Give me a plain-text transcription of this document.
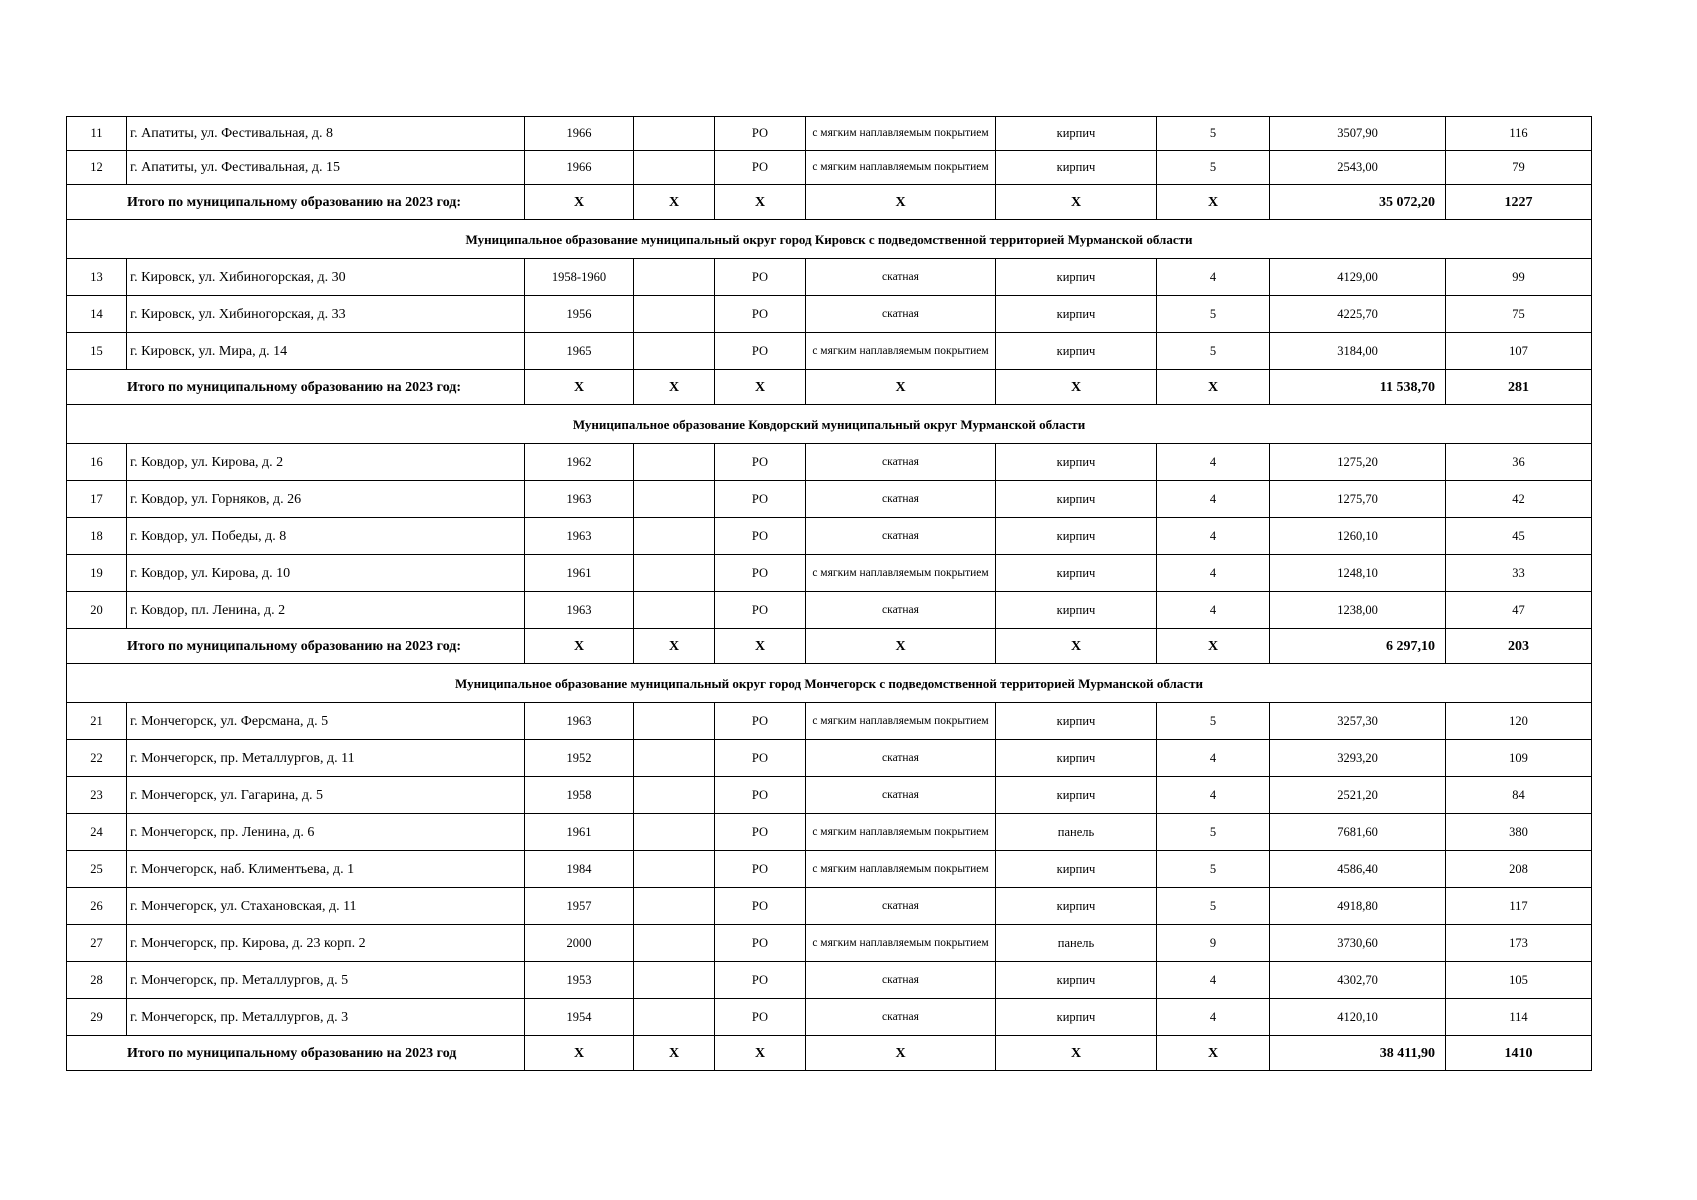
11	г. Апатиты, ул. Фестивальная, д. 8	1966		РО	с мягким наплавляемым покрытием	кирпич	5	3507,90	116
12	г. Апатиты, ул. Фестивальная, д. 15	1966		РО	с мягким наплавляемым покрытием	кирпич	5	2543,00	79
Итого по муниципальному образованию на 2023 год:		X	X	X	X	X	X	35 072,20	1227
Муниципальное образование муниципальный округ город Кировск с подведомственной территорией Мурманской области									
13	г. Кировск, ул. Хибиногорская, д. 30	1958-1960		РО	скатная	кирпич	4	4129,00	99
14	г. Кировск, ул. Хибиногорская, д. 33	1956		РО	скатная	кирпич	5	4225,70	75
15	г. Кировск, ул. Мира, д. 14	1965		РО	с мягким наплавляемым покрытием	кирпич	5	3184,00	107
Итого по муниципальному образованию на 2023 год:		X	X	X	X	X	X	11 538,70	281
Муниципальное образование Ковдорский муниципальный округ Мурманской области									
16	г. Ковдор, ул. Кирова, д. 2	1962		РО	скатная	кирпич	4	1275,20	36
17	г. Ковдор, ул. Горняков, д. 26	1963		РО	скатная	кирпич	4	1275,70	42
18	г. Ковдор, ул. Победы, д. 8	1963		РО	скатная	кирпич	4	1260,10	45
19	г. Ковдор, ул. Кирова, д. 10	1961		РО	с мягким наплавляемым покрытием	кирпич	4	1248,10	33
20	г. Ковдор, пл. Ленина, д. 2	1963		РО	скатная	кирпич	4	1238,00	47
Итого по муниципальному образованию на 2023 год:		X	X	X	X	X	X	6 297,10	203
Муниципальное образование муниципальный округ город Мончегорск с подведомственной территорией Мурманской области									
21	г. Мончегорск, ул. Ферсмана, д. 5	1963		РО	с мягким наплавляемым покрытием	кирпич	5	3257,30	120
22	г. Мончегорск, пр. Металлургов, д. 11	1952		РО	скатная	кирпич	4	3293,20	109
23	г. Мончегорск, ул. Гагарина, д. 5	1958		РО	скатная	кирпич	4	2521,20	84
24	г. Мончегорск, пр. Ленина, д. 6	1961		РО	с мягким наплавляемым покрытием	панель	5	7681,60	380
25	г. Мончегорск, наб. Климентьева, д. 1	1984		РО	с мягким наплавляемым покрытием	кирпич	5	4586,40	208
26	г. Мончегорск, ул. Стахановская, д. 11	1957		РО	скатная	кирпич	5	4918,80	117
27	г. Мончегорск, пр. Кирова, д. 23 корп. 2	2000		РО	с мягким наплавляемым покрытием	панель	9	3730,60	173
28	г. Мончегорск, пр. Металлургов, д. 5	1953		РО	скатная	кирпич	4	4302,70	105
29	г. Мончегорск, пр. Металлургов, д. 3	1954		РО	скатная	кирпич	4	4120,10	114
Итого по муниципальному образованию на 2023 год		X	X	X	X	X	X	38 411,90	1410
